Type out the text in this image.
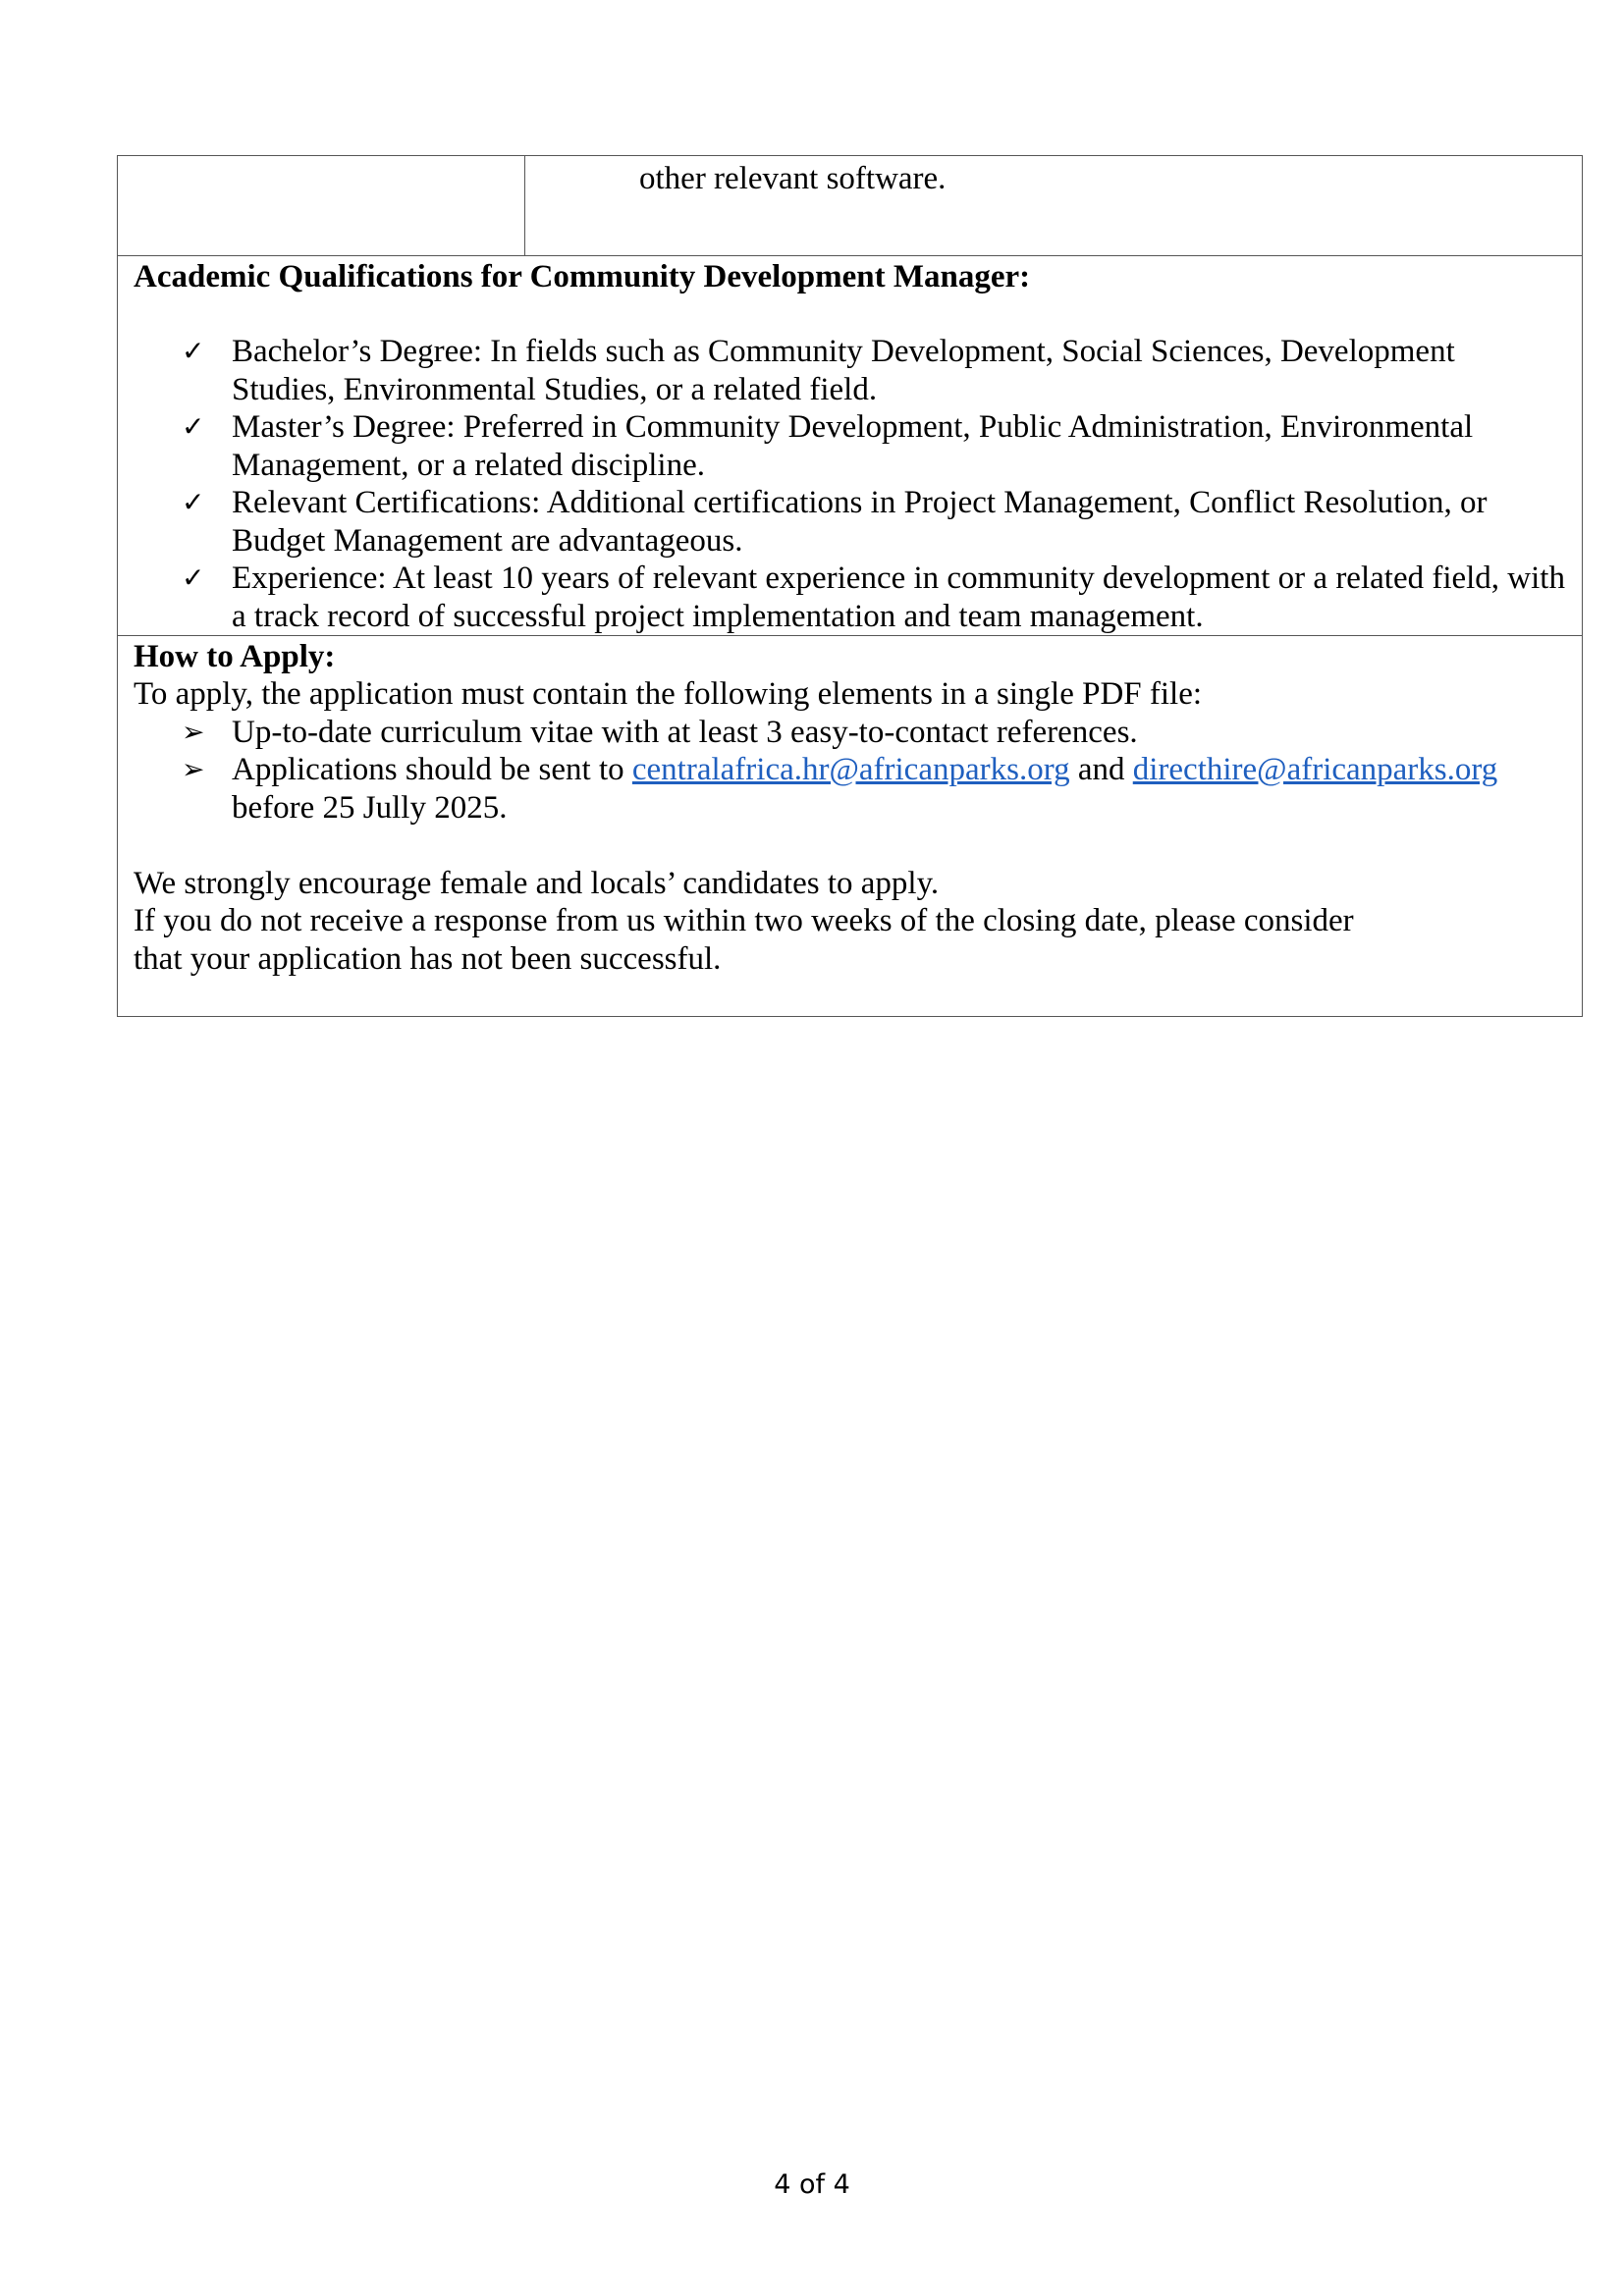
other relevant software.
Academic Qualifications for Community Development Manager:
✓ Bachelor’s Degree: In fields such as Community Development, Social Sciences, Development Studies, Environmental Studies, or a related field.
✓ Master’s Degree: Preferred in Community Development, Public Administration, Environmental Management, or a related discipline.
✓ Relevant Certifications: Additional certifications in Project Management, Conflict Resolution, or Budget Management are advantageous.
✓ Experience: At least 10 years of relevant experience in community development or a related field, with a track record of successful project implementation and team management.
How to Apply:

To apply, the application must contain the following elements in a single PDF file:

➢ Up-to-date curriculum vitae with at least 3 easy-to-contact references.
➢ Applications should be sent to centralafrica.hr@africanparks.org and directhire@africanparks.org
before 25 Jully 2025.

We strongly encourage female and locals’ candidates to apply.

If you do not receive a response from us within two weeks of the closing date, please consider that your application has not been successful.

4 of 4
